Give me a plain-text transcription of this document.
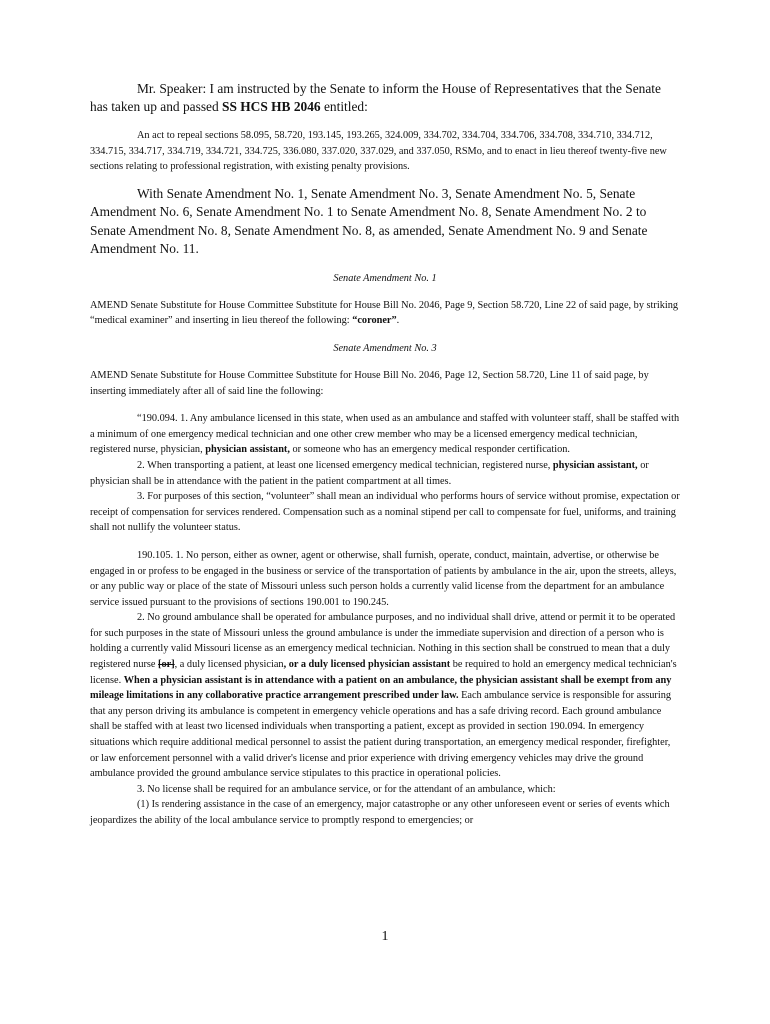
Mr. Speaker: I am instructed by the Senate to inform the House of Representatives that the Senate has taken up and passed SS HCS HB 2046 entitled:

An act to repeal sections 58.095, 58.720, 193.145, 193.265, 324.009, 334.702, 334.704, 334.706, 334.708, 334.710, 334.712, 334.715, 334.717, 334.719, 334.721, 334.725, 336.080, 337.020, 337.029, and 337.050, RSMo, and to enact in lieu thereof twenty-five new sections relating to professional registration, with existing penalty provisions.

With Senate Amendment No. 1, Senate Amendment No. 3, Senate Amendment No. 5, Senate Amendment No. 6, Senate Amendment No. 1 to Senate Amendment No. 8, Senate Amendment No. 2 to Senate Amendment No. 8, Senate Amendment No. 8, as amended, Senate Amendment No. 9 and Senate Amendment No. 11.

Senate Amendment No. 1

AMEND Senate Substitute for House Committee Substitute for House Bill No. 2046, Page 9, Section 58.720, Line 22 of said page, by striking “medical examiner” and inserting in lieu thereof the following: “coroner”.

Senate Amendment No. 3

AMEND Senate Substitute for House Committee Substitute for House Bill No. 2046, Page 12, Section 58.720, Line 11 of said page, by inserting immediately after all of said line the following:

“190.094. 1. Any ambulance licensed in this state, when used as an ambulance and staffed with volunteer staff, shall be staffed with a minimum of one emergency medical technician and one other crew member who may be a licensed emergency medical technician, registered nurse, physician, physician assistant, or someone who has an emergency medical responder certification.

2. When transporting a patient, at least one licensed emergency medical technician, registered nurse, physician assistant, or physician shall be in attendance with the patient in the patient compartment at all times.

3. For purposes of this section, “volunteer” shall mean an individual who performs hours of service without promise, expectation or receipt of compensation for services rendered. Compensation such as a nominal stipend per call to compensate for fuel, uniforms, and training shall not nullify the volunteer status.

190.105. 1. No person, either as owner, agent or otherwise, shall furnish, operate, conduct, maintain, advertise, or otherwise be engaged in or profess to be engaged in the business or service of the transportation of patients by ambulance in the air, upon the streets, alleys, or any public way or place of the state of Missouri unless such person holds a currently valid license from the department for an ambulance service issued pursuant to the provisions of sections 190.001 to 190.245.

2. No ground ambulance shall be operated for ambulance purposes, and no individual shall drive, attend or permit it to be operated for such purposes in the state of Missouri unless the ground ambulance is under the immediate supervision and direction of a person who is holding a currently valid Missouri license as an emergency medical technician. Nothing in this section shall be construed to mean that a duly registered nurse [or], a duly licensed physician, or a duly licensed physician assistant be required to hold an emergency medical technician's license. When a physician assistant is in attendance with a patient on an ambulance, the physician assistant shall be exempt from any mileage limitations in any collaborative practice arrangement prescribed under law. Each ambulance service is responsible for assuring that any person driving its ambulance is competent in emergency vehicle operations and has a safe driving record. Each ground ambulance shall be staffed with at least two licensed individuals when transporting a patient, except as provided in section 190.094. In emergency situations which require additional medical personnel to assist the patient during transportation, an emergency medical responder, firefighter, or law enforcement personnel with a valid driver's license and prior experience with driving emergency vehicles may drive the ground ambulance provided the ground ambulance service stipulates to this practice in operational policies.

3. No license shall be required for an ambulance service, or for the attendant of an ambulance, which:

(1) Is rendering assistance in the case of an emergency, major catastrophe or any other unforeseen event or series of events which jeopardizes the ability of the local ambulance service to promptly respond to emergencies; or

1
